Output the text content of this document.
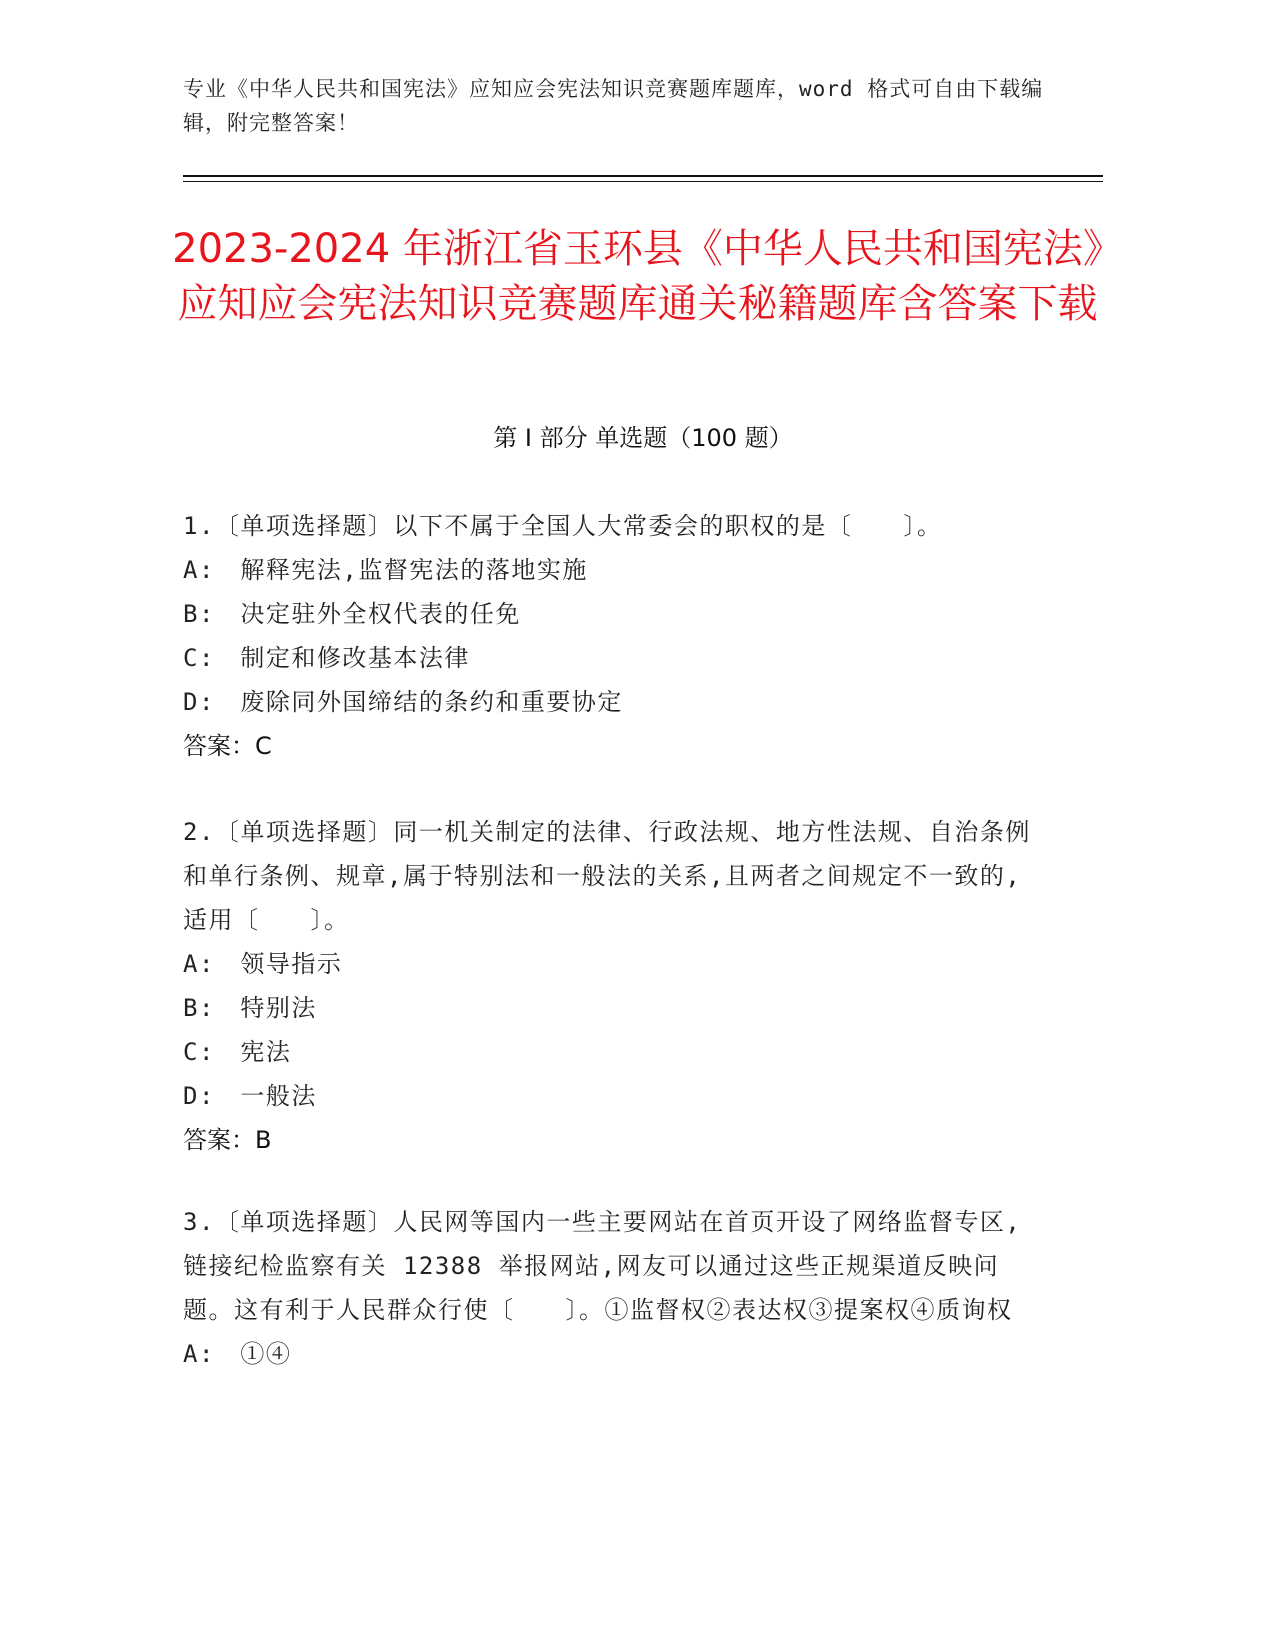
专业《中华人民共和国宪法》应知应会宪法知识竞赛题库题库，word 格式可自由下载编辑，附完整答案！
2023-2024 年浙江省玉环县《中华人民共和国宪法》应知应会宪法知识竞赛题库通关秘籍题库含答案下载
第 I 部分 单选题（100 题）

1.〔单项选择题〕以下不属于全国人大常委会的职权的是〔　　〕。

A:　解释宪法,监督宪法的落地实施

B:　决定驻外全权代表的任免

C:　制定和修改基本法律

D:　废除同外国缔结的条约和重要协定

答案：C

2.〔单项选择题〕同一机关制定的法律、行政法规、地方性法规、自治条例和单行条例、规章,属于特别法和一般法的关系,且两者之间规定不一致的,适用〔　　〕。

A:　领导指示

B:　特别法

C:　宪法

D:　一般法

答案：B

3.〔单项选择题〕人民网等国内一些主要网站在首页开设了网络监督专区,链接纪检监察有关 12388 举报网站,网友可以通过这些正规渠道反映问题。这有利于人民群众行使〔　　〕。①监督权②表达权③提案权④质询权

A:　①④
